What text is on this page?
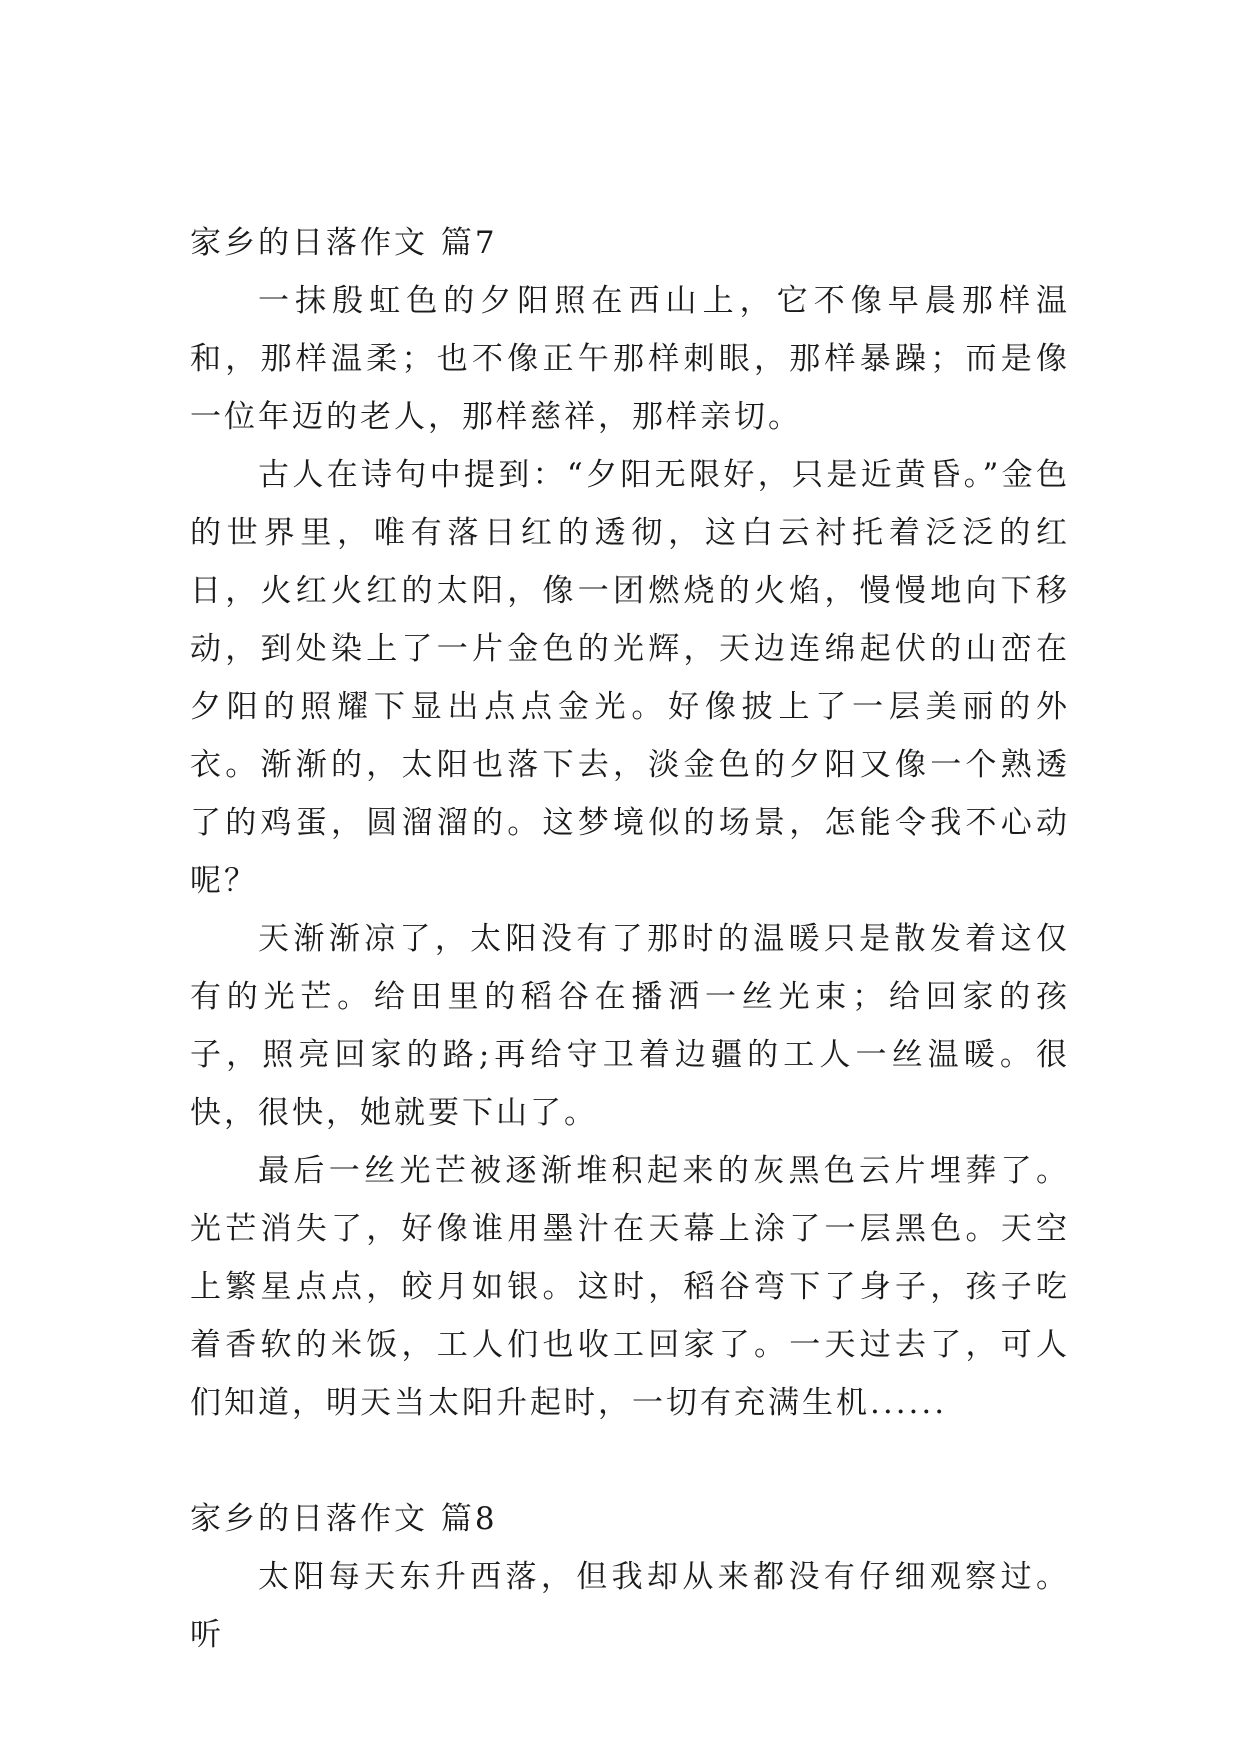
家乡的日落作文 篇7

一抹殷虹色的夕阳照在西山上，它不像早晨那样温和，那样温柔；也不像正午那样刺眼，那样暴躁；而是像一位年迈的老人，那样慈祥，那样亲切。

古人在诗句中提到：“夕阳无限好，只是近黄昏。”金色的世界里，唯有落日红的透彻，这白云衬托着泛泛的红日，火红火红的太阳，像一团燃烧的火焰，慢慢地向下移动，到处染上了一片金色的光辉，天边连绵起伏的山峦在夕阳的照耀下显出点点金光。好像披上了一层美丽的外衣。渐渐的，太阳也落下去，淡金色的夕阳又像一个熟透了的鸡蛋，圆溜溜的。这梦境似的场景，怎能令我不心动呢？

天渐渐凉了，太阳没有了那时的温暖只是散发着这仅有的光芒。给田里的稻谷在播洒一丝光束；给回家的孩子，照亮回家的路;再给守卫着边疆的工人一丝温暖。很快，很快，她就要下山了。

最后一丝光芒被逐渐堆积起来的灰黑色云片埋葬了。光芒消失了，好像谁用墨汁在天幕上涂了一层黑色。天空上繁星点点，皎月如银。这时，稻谷弯下了身子，孩子吃着香软的米饭，工人们也收工回家了。一天过去了，可人们知道，明天当太阳升起时，一切有充满生机......

家乡的日落作文 篇8

太阳每天东升西落，但我却从来都没有仔细观察过。听
